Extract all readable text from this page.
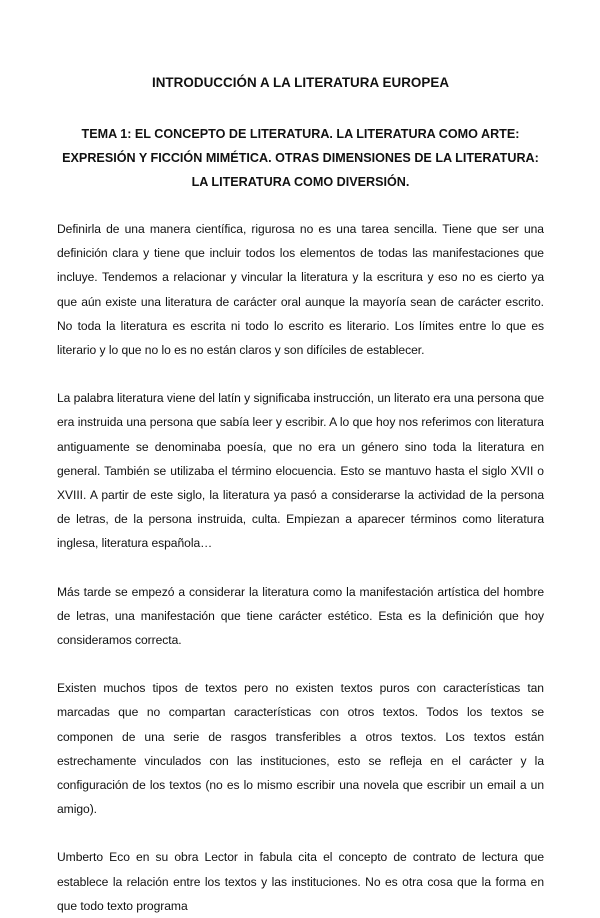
INTRODUCCIÓN A LA LITERATURA EUROPEA
TEMA 1: EL CONCEPTO DE LITERATURA. LA LITERATURA COMO ARTE: EXPRESIÓN Y FICCIÓN MIMÉTICA. OTRAS DIMENSIONES DE LA LITERATURA: LA LITERATURA COMO DIVERSIÓN.

Definirla de una manera científica, rigurosa no es una tarea sencilla. Tiene que ser una definición clara y tiene que incluir todos los elementos de todas las manifestaciones que incluye. Tendemos a relacionar y vincular la literatura y la escritura y eso no es cierto ya que aún existe una literatura de carácter oral aunque la mayoría sean de carácter escrito. No toda la literatura es escrita ni todo lo escrito es literario. Los límites entre lo que es literario y lo que no lo es no están claros y son difíciles de establecer.

La palabra literatura viene del latín y significaba instrucción, un literato era una persona que era instruida una persona que sabía leer y escribir. A lo que hoy nos referimos con literatura antiguamente se denominaba poesía, que no era un género sino toda la literatura en general. También se utilizaba el término elocuencia. Esto se mantuvo hasta el siglo XVII o XVIII. A partir de este siglo, la literatura ya pasó a considerarse la actividad de la persona de letras, de la persona instruida, culta. Empiezan a aparecer términos como literatura inglesa, literatura española…

Más tarde se empezó a considerar la literatura como la manifestación artística del hombre de letras, una manifestación que tiene carácter estético. Esta es la definición que hoy consideramos correcta.

Existen muchos tipos de textos pero no existen textos puros con características tan marcadas que no compartan características con otros textos. Todos los textos se componen de una serie de rasgos transferibles a otros textos. Los textos están estrechamente vinculados con las instituciones, esto se refleja en el carácter y la configuración de los textos (no es lo mismo escribir una novela que escribir un email a un amigo).

Umberto Eco en su obra Lector in fabula cita el concepto de contrato de lectura que establece la relación entre los textos y las instituciones. No es otra cosa que la forma en que todo texto programa
